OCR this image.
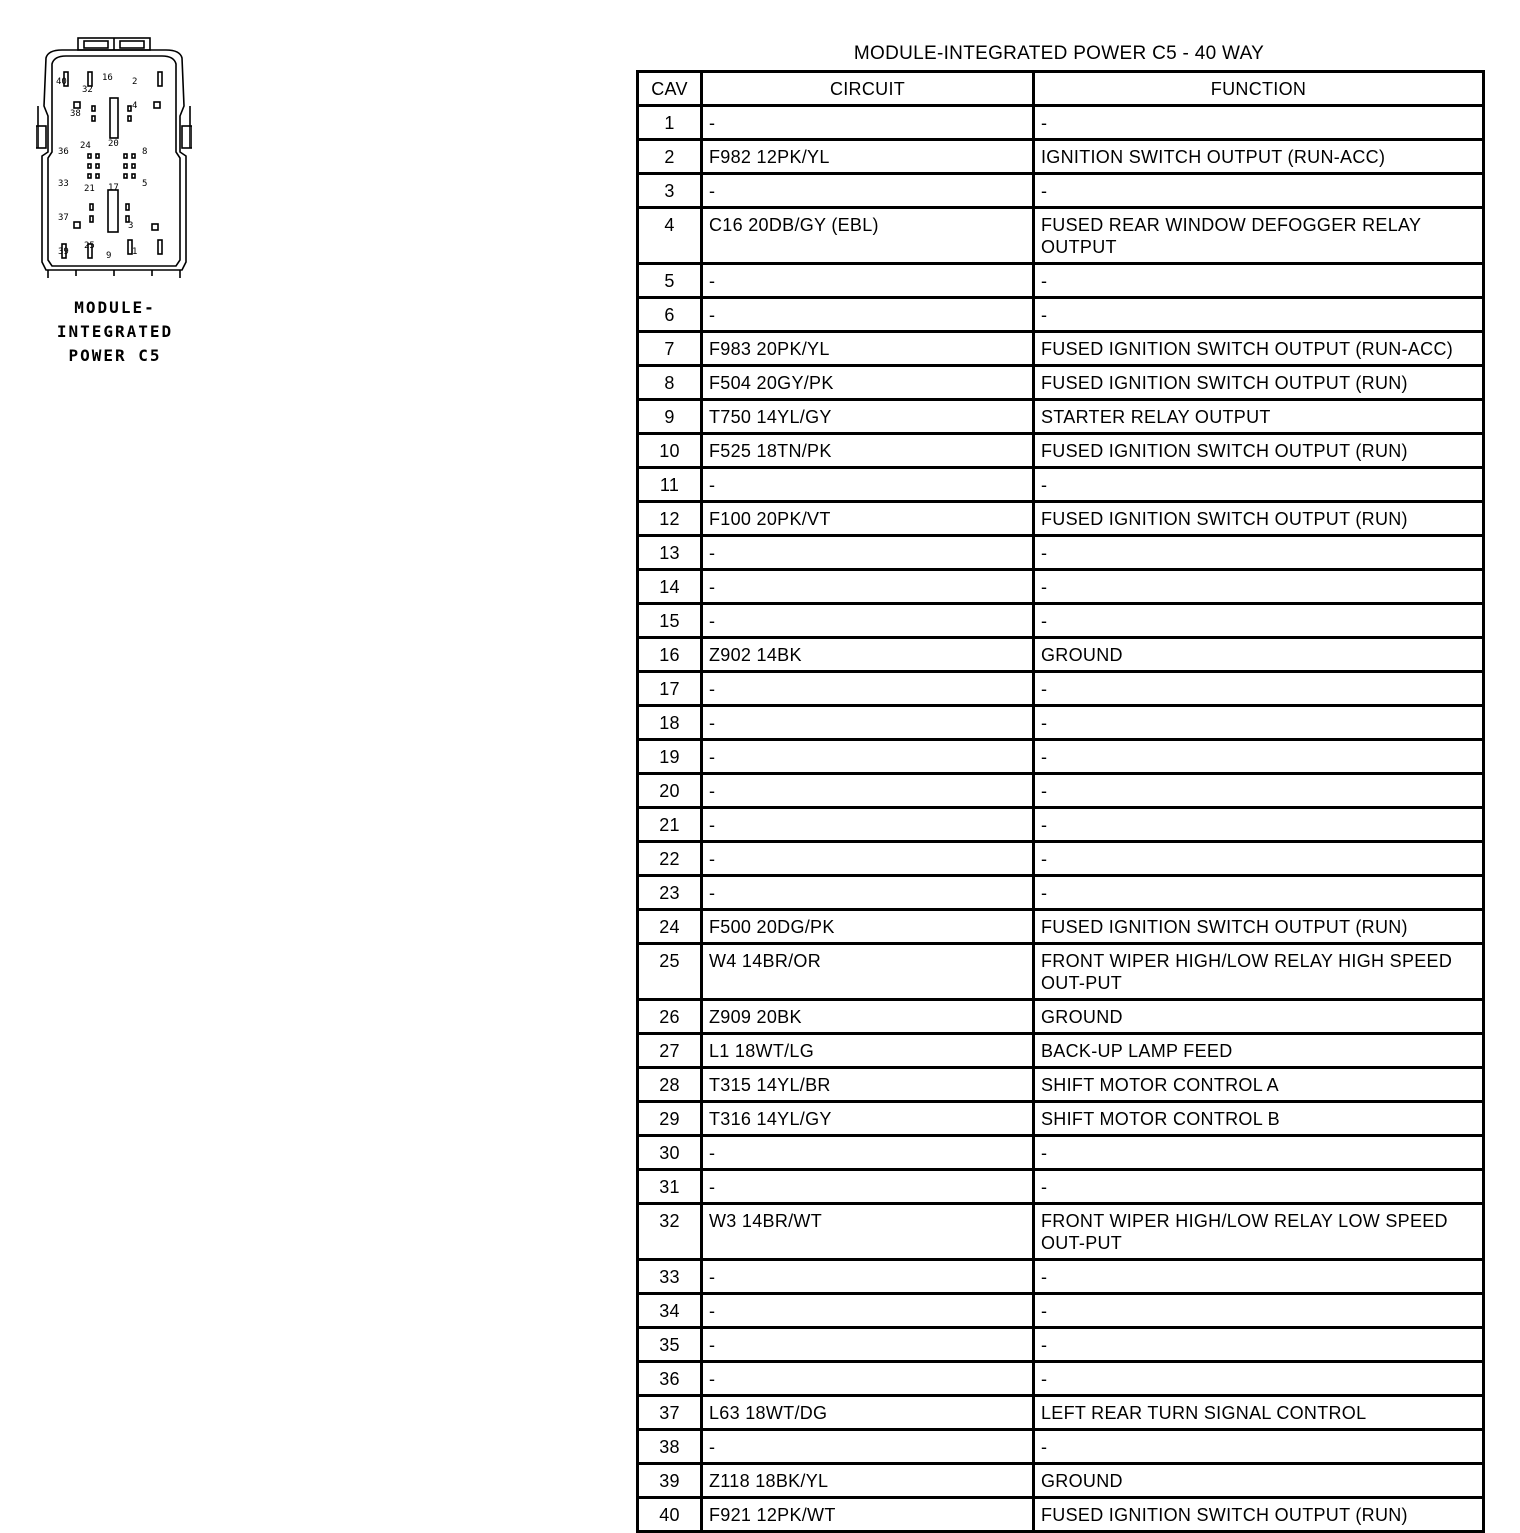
40
32
16 2
38
4
36
24 20
8
33 21 17	5
37
3
39
25
9 1
MODULE-
INTEGRATED
POWER C5
MODULE-INTEGRATED POWER C5 - 40 WAY
CAV	CIRCUIT	FUNCTION
1	-	-
2	F982 12PK/YL	IGNITION SWITCH OUTPUT (RUN-ACC)
3	-	-
4	C16 20DB/GY (EBL)	FUSED REAR WINDOW DEFOGGER RELAY OUTPUT
5	-	-
6	-	-
7	F983 20PK/YL	FUSED IGNITION SWITCH OUTPUT (RUN-ACC)
8	F504 20GY/PK	FUSED IGNITION SWITCH OUTPUT (RUN)
9	T750 14YL/GY	STARTER RELAY OUTPUT
10	F525 18TN/PK	FUSED IGNITION SWITCH OUTPUT (RUN)
11	-	-
12	F100 20PK/VT	FUSED IGNITION SWITCH OUTPUT (RUN)
13	-	-
14	-	-
15	-	-
16	Z902 14BK	GROUND
17	-	-
18	-	-
19	-	-
20	-	-
21	-	-
22	-	-
23	-	-
24	F500 20DG/PK	FUSED IGNITION SWITCH OUTPUT (RUN)
25	W4 14BR/OR	FRONT WIPER HIGH/LOW RELAY HIGH SPEED OUT-PUT
26	Z909 20BK	GROUND
27	L1 18WT/LG	BACK-UP LAMP FEED
28	T315 14YL/BR	SHIFT MOTOR CONTROL A
29	T316 14YL/GY	SHIFT MOTOR CONTROL B
30	-	-
31	-	-
32	W3 14BR/WT	FRONT WIPER HIGH/LOW RELAY LOW SPEED OUT-PUT
33	-	-
34	-	-
35	-	-
36	-	-
37	L63 18WT/DG	LEFT REAR TURN SIGNAL CONTROL
38	-	-
39	Z118 18BK/YL	GROUND
40	F921 12PK/WT	FUSED IGNITION SWITCH OUTPUT (RUN)
